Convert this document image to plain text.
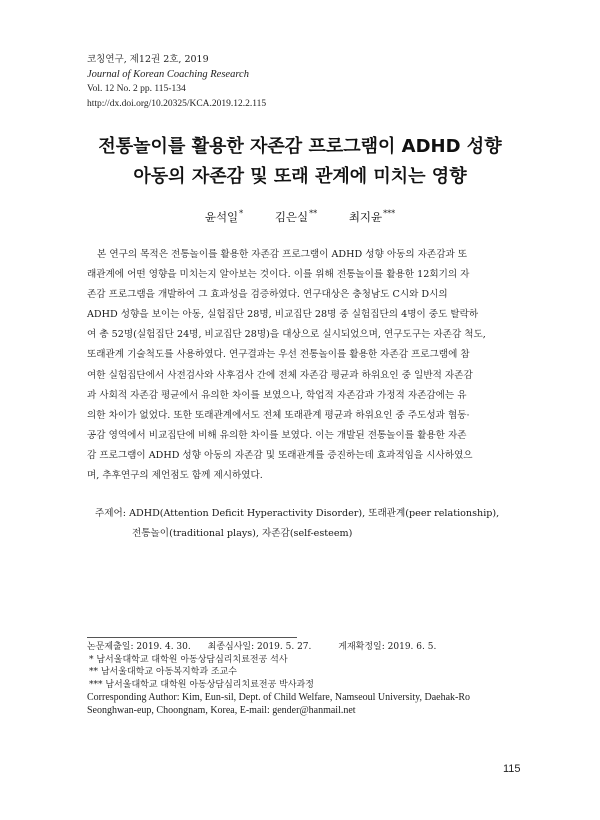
코칭연구, 제12권 2호, 2019
Journal of Korean Coaching Research
Vol. 12 No. 2 pp. 115-134
http://dx.doi.org/10.20325/KCA.2019.12.2.115
전통놀이를 활용한 자존감 프로그램이 ADHD 성향
아동의 자존감 및 또래 관계에 미치는 영향
윤석일*	김은실**	최지윤***
본 연구의 목적은 전통놀이를 활용한 자존감 프로그램이 ADHD 성향 아동의 자존감과 또
래관계에 어떤 영향을 미치는지 알아보는 것이다. 이를 위해 전통놀이를 활용한 12회기의 자
존감 프로그램을 개발하여 그 효과성을 검증하였다. 연구대상은 충청남도 C시와 D시의
ADHD 성향을 보이는 아동, 실험집단 28명, 비교집단 28명 중 실험집단의 4명이 중도 탈락하
여 총 52명(실험집단 24명, 비교집단 28명)을 대상으로 실시되었으며, 연구도구는 자존감 척도,
또래관계 기술척도를 사용하였다. 연구결과는 우선 전통놀이를 활용한 자존감 프로그램에 참
여한 실험집단에서 사전검사와 사후검사 간에 전체 자존감 평균과 하위요인 중 일반적 자존감
과 사회적 자존감 평균에서 유의한 차이를 보였으나, 학업적 자존감과 가정적 자존감에는 유
의한 차이가 없었다. 또한 또래관계에서도 전체 또래관계 평균과 하위요인 중 주도성과 협동·
공감 영역에서 비교집단에 비해 유의한 차이를 보였다. 이는 개발된 전통놀이를 활용한 자존
감 프로그램이 ADHD 성향 아동의 자존감 및 또래관계를 증진하는데 효과적임을 시사하였으
며, 추후연구의 제언점도 함께 제시하였다.
주제어: ADHD(Attention Deficit Hyperactivity Disorder), 또래관계(peer relationship),
전통놀이(traditional plays), 자존감(self-esteem)
논문제출일: 2019. 4. 30. 최종심사일: 2019. 5. 27.	게재확정일: 2019. 6. 5.
* 남서울대학교 대학원 아동상담심리치료전공 석사
** 남서울대학교 아동복지학과 조교수
*** 남서울대학교 대학원 아동상담심리치료전공 박사과정
Corresponding Author: Kim, Eun-sil, Dept. of Child Welfare, Namseoul University, Daehak-Ro
Seonghwan-eup, Choongnam, Korea, E-mail: gender@hanmail.net
115
